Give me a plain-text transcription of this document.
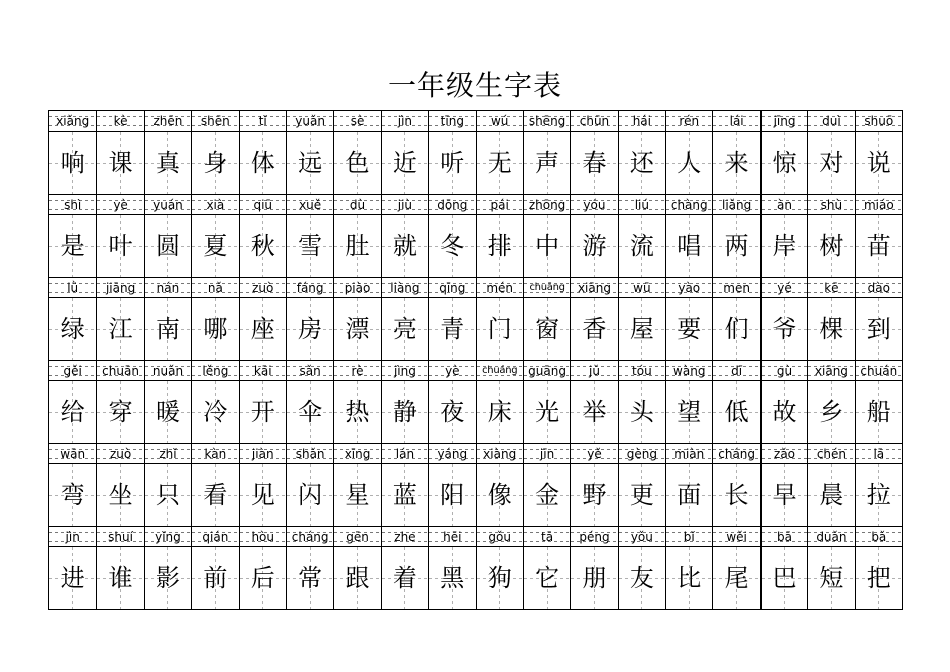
一年级生字表
xiǎng	kè	zhēn	shēn	tǐ	yuǎn	sè	jìn	tīng	wú	shēng	chūn	hái	rén	lái	jīng	duì	shuō
响 课 真 身 体 远 色 近 听 无 声 春 还 人 来 惊 对 说
shì	yè	yuán	xià	qiū	xuě	dù	jiù	dōng	pái	zhōng	yóu	liú	chàng	liǎng	àn	shù	miáo
是 叶 圆 夏 秋 雪 肚 就 冬 排 中 游 流 唱 两 岸 树 苗
lǜ	jiāng	nán	nǎ	zuò	fáng	piào	liàng	qīng	mén	chuāng	xiāng	wū	yào	men	yé	kē	dào
绿 江 南 哪 座 房 漂 亮 青 门 窗 香 屋 要 们 爷 棵 到
gěi	chuān	nuǎn	lěng	kāi	sǎn	rè	jìng	yè	chuáng guāng	jǔ	tóu	wàng	dī	gù	xiāng	chuán
给 穿 暖 冷 开 伞 热 静 夜 床 光 举 头 望 低 故 乡 船
wān	zuò	zhǐ	kàn	jiàn	shǎn	xīng	lán	yáng	xiàng	jīn	yě	gèng	miàn	cháng	zǎo	chén	lā
弯 坐 只 看 见 闪 星 蓝 阳 像 金 野 更 面 长 早 晨 拉
jìn	shuí	yǐng	qián	hòu	cháng	gēn	zhe	hēi	gǒu	tā	péng	yǒu	bǐ	wěi	bā	duǎn	bǎ
进 谁 影 前 后 常 跟 着 黑 狗 它 朋 友 比 尾 巴 短 把
